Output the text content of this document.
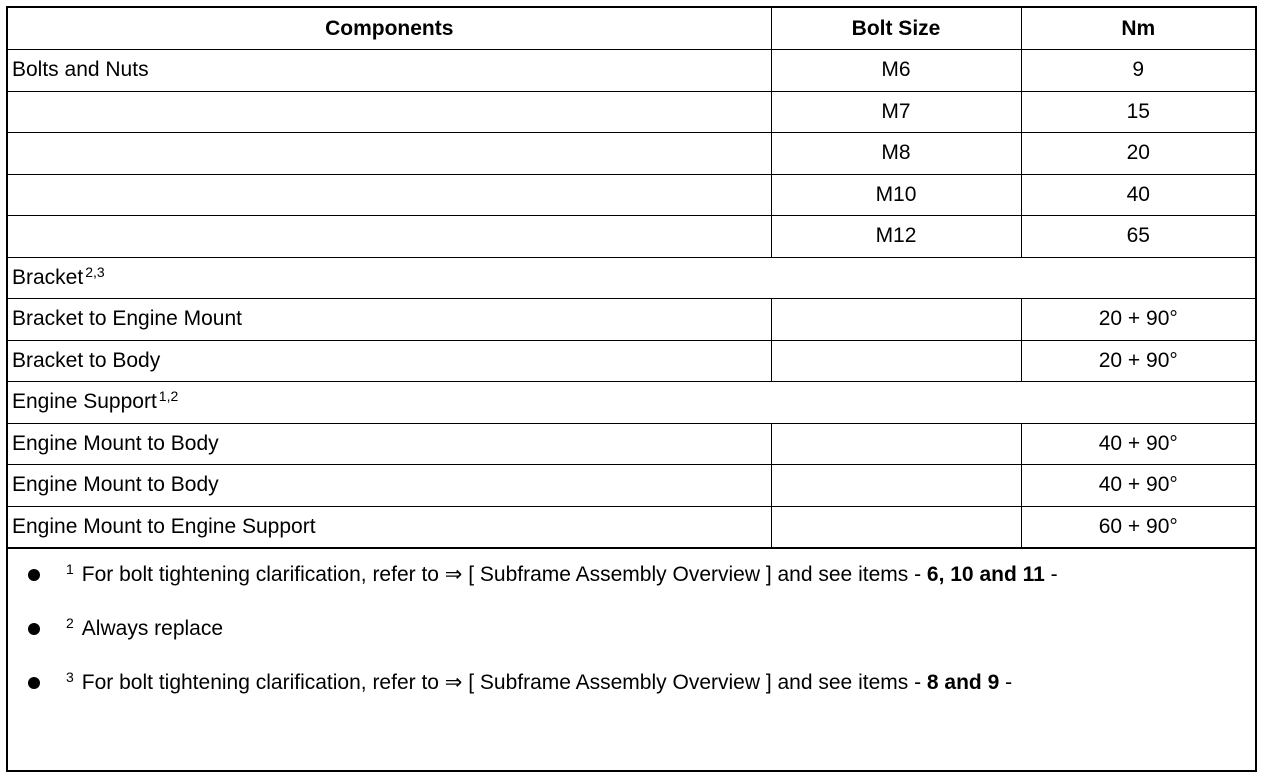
Components	Bolt Size	Nm
Bolts and Nuts	M6	9
	M7	15
	M8	20
	M10	40
	M12	65
Bracket $^{2,3}$
Bracket to Engine Mount		20 + 90°
Bracket to Body		20 + 90°
Engine Support $^{1,2}$
Engine Mount to Body		40 + 90°
Engine Mount to Body		40 + 90°
Engine Mount to Engine Support		60 + 90°
$^1$ For bolt tightening clarification, refer to ⇒ [ Subframe Assembly Overview ] and see items - 6, 10 and 11 -
$^2$ Always replace
$^3$ For bolt tightening clarification, refer to ⇒ [ Subframe Assembly Overview ] and see items - 8 and 9 -
